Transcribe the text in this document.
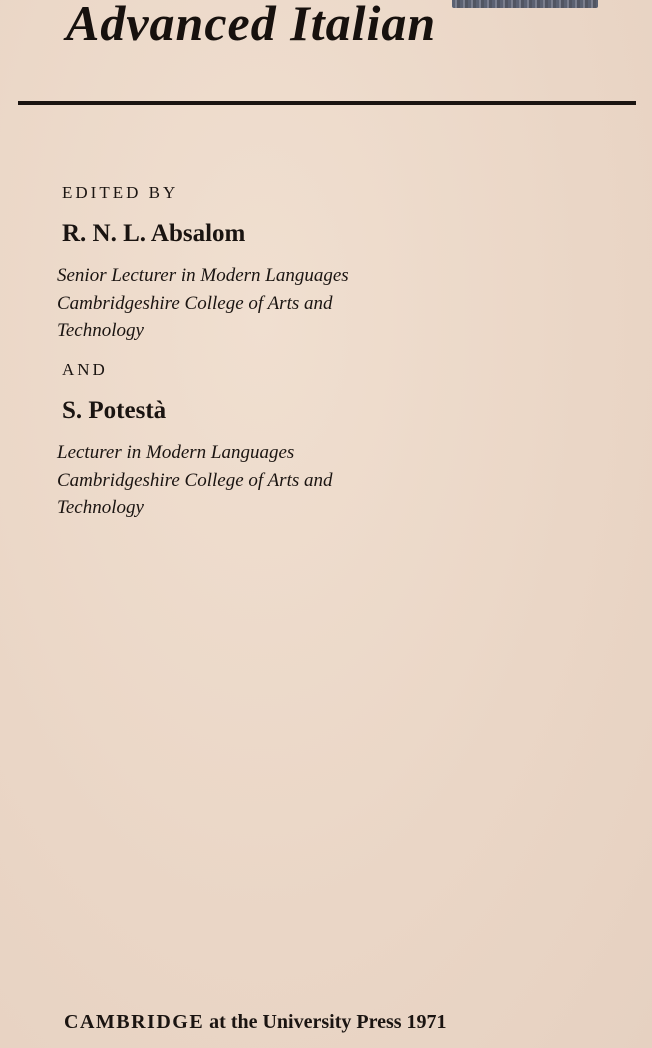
Advanced Italian

EDITED BY

R. N. L. Absalom

Senior Lecturer in Modern Languages
Cambridgeshire College of Arts and
Technology

AND

S. Potestà

Lecturer in Modern Languages
Cambridgeshire College of Arts and
Technology

CAMBRIDGE at the University Press 1971
